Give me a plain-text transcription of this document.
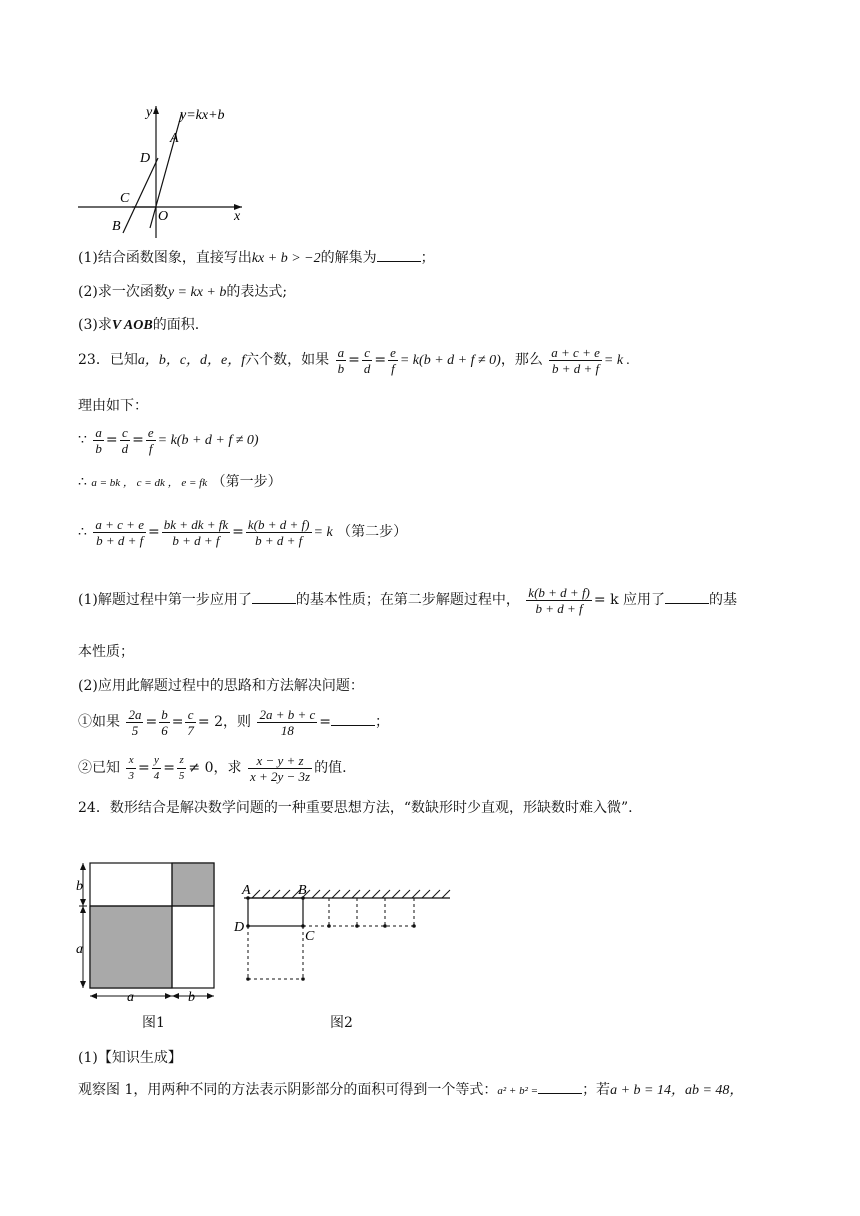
y y=kx+b
A
D
C
B
O	x
(1)结合函数图象，直接写出kx + b > −2的解集为	；
(2)求一次函数y = kx + b的表达式;
(3)求V AOB的面积.
23．已知a，b，c，d，e，f六个数，如果 $\frac{a}{b} = \frac{c}{d} = \frac{e}{f} = k(b + d + f \ne 0)$，那么 $\frac{a + c + e}{b + d + f} = k$ .
理由如下：
∵ $\frac{a}{b} = \frac{c}{d} = \frac{e}{f} = k(b + d + f \ne 0)$
∴ a = bk ， c = dk ， e = fk （第一步）
∴ $\frac{a + c + e}{b + d + f} = \frac{bk + dk + fk}{b + d + f} = \frac{k(b + d + f)}{b + d + f} = k$ （第二步）
(1)解题过程中第一步应用了	的基本性质；在第二步解题过程中， $\frac{k(b + d + f)}{b + d + f} = k$ 应用了	的基
本性质；
(2)应用此解题过程中的思路和方法解决问题：
①如果 $\frac{2a}{5} = \frac{b}{6} = \frac{c}{7} = 2$，则 $\frac{2a + b + c}{18}$ =	；
②已知 $\frac{x}{3} = \frac{y}{4} = \frac{z}{5} \ne 0$，求 $\frac{x - y + z}{x + 2y - 3z}$ 的值.
24．数形结合是解决数学问题的一种重要思想方法，“数缺形时少直观，形缺数时难入微”.
b
a
a	b
图1
A	B
D
C
图2
(1)【知识生成】
观察图 1，用两种不同的方法表示阴影部分的面积可得到一个等式：a² + b² =	；若a + b = 14，ab = 48，
